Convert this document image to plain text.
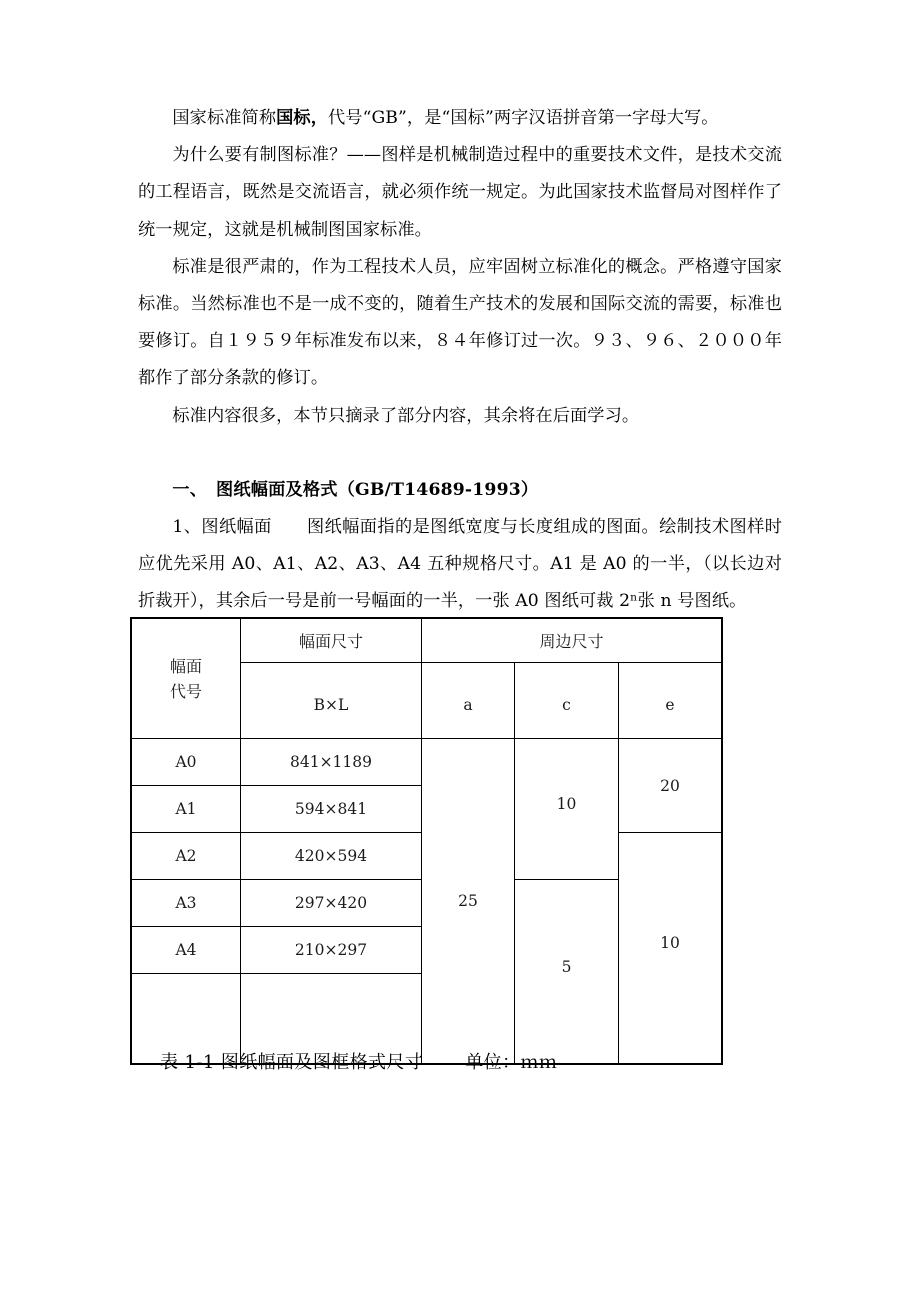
国家标准简称国标，代号“GB”，是“国标”两字汉语拼音第一字母大写。

为什么要有制图标准？——图样是机械制造过程中的重要技术文件，是技术交流的工程语言，既然是交流语言，就必须作统一规定。为此国家技术监督局对图样作了统一规定，这就是机械制图国家标准。

标准是很严肃的，作为工程技术人员，应牢固树立标准化的概念。严格遵守国家标准。当然标准也不是一成不变的，随着生产技术的发展和国际交流的需要，标准也要修订。自１９５９年标准发布以来，８４年修订过一次。９３、９６、２０００年都作了部分条款的修订。

标准内容很多，本节只摘录了部分内容，其余将在后面学习。

一、　图纸幅面及格式（GB/T14689-1993）

1、图纸幅面　　图纸幅面指的是图纸宽度与长度组成的图面。绘制技术图样时应优先采用 A0、A1、A2、A3、A4 五种规格尺寸。A1 是 A0 的一半，（以长边对折裁开），其余后一号是前一号幅面的一半，一张 A0 图纸可裁 2ⁿ张 n 号图纸。

幅面
代号	幅面尺寸	周边尺寸		
	B×L	a	c	e
A0	841×1189	25	10	20
A1	594×841			
A2	420×594			10
A3	297×420		5	
A4	210×297			

表 1-1 图纸幅面及图框格式尺寸 单位：ｍｍ
